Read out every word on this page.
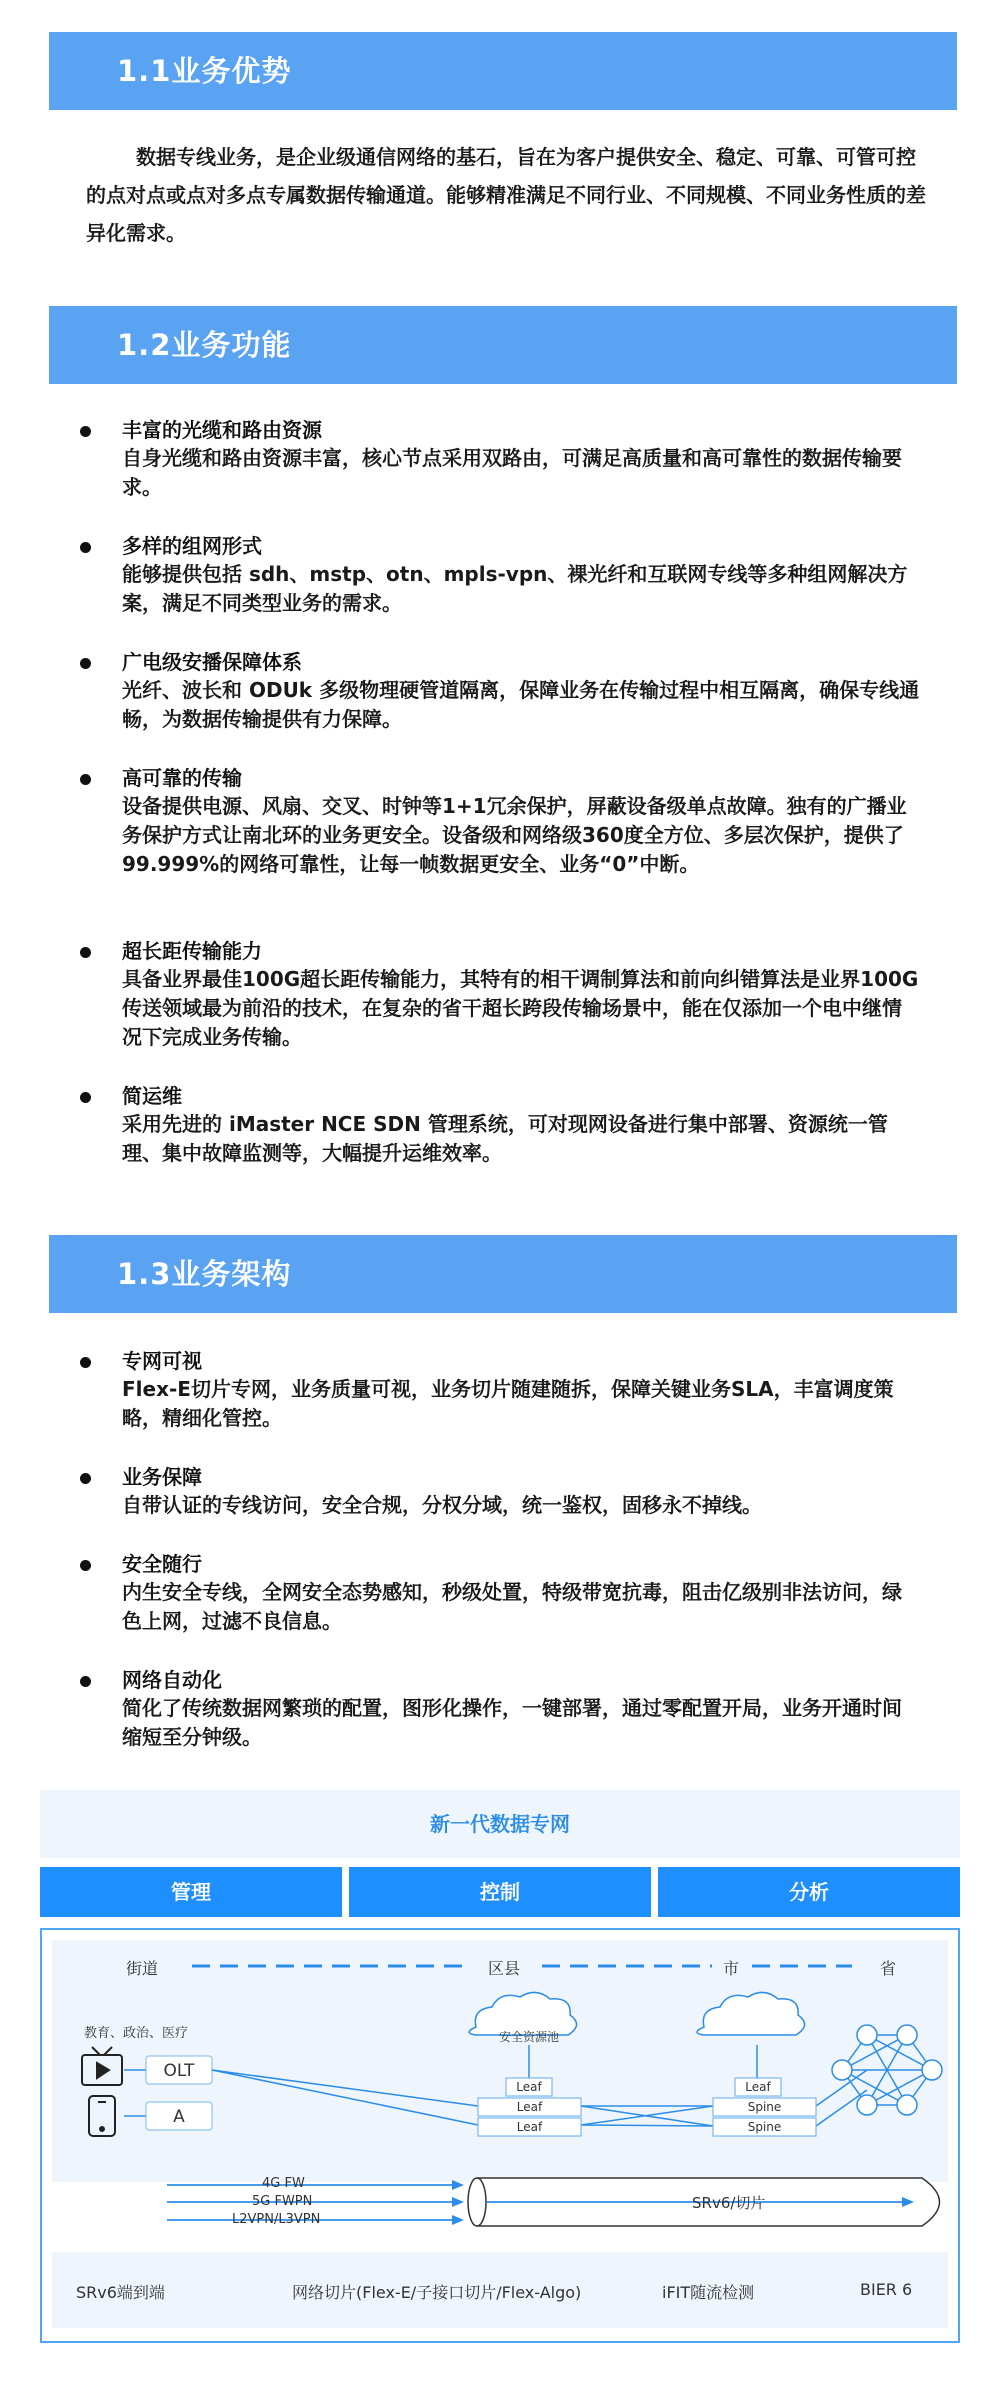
1.1业务优势
数据专线业务，是企业级通信网络的基石，旨在为客户提供安全、稳定、可靠、可管可控的点对点或点对多点专属数据传输通道。能够精准满足不同行业、不同规模、不同业务性质的差异化需求。
1.2业务功能
丰富的光缆和路由资源
自身光缆和路由资源丰富，核心节点采用双路由，可满足高质量和高可靠性的数据传输要求。
多样的组网形式
能够提供包括 sdh、mstp、otn、mpls-vpn、裸光纤和互联网专线等多种组网解决方案，满足不同类型业务的需求。
广电级安播保障体系
光纤、波长和 ODUk 多级物理硬管道隔离，保障业务在传输过程中相互隔离，确保专线通畅，为数据传输提供有力保障。
高可靠的传输
设备提供电源、风扇、交叉、时钟等1+1冗余保护，屏蔽设备级单点故障。独有的广播业务保护方式让南北环的业务更安全。设备级和网络级360度全方位、多层次保护，提供了99.999%的网络可靠性，让每一帧数据更安全、业务“0”中断。
超长距传输能力
具备业界最佳100G超长距传输能力，其特有的相干调制算法和前向纠错算法是业界100G传送领域最为前沿的技术，在复杂的省干超长跨段传输场景中，能在仅添加一个电中继情况下完成业务传输。
简运维
采用先进的 iMaster NCE SDN 管理系统，可对现网设备进行集中部署、资源统一管理、集中故障监测等，大幅提升运维效率。
1.3业务架构
专网可视
Flex-E切片专网，业务质量可视，业务切片随建随拆，保障关键业务SLA，丰富调度策略，精细化管控。
业务保障
自带认证的专线访问，安全合规，分权分域，统一鉴权，固移永不掉线。
安全随行
内生安全专线，全网安全态势感知，秒级处置，特级带宽抗毒，阻击亿级别非法访问，绿色上网，过滤不良信息。
网络自动化
简化了传统数据网繁琐的配置，图形化操作，一键部署，通过零配置开局，业务开通时间缩短至分钟级。
新一代数据专网
管理	控制	分析
SRv6端到端	网络切片(Flex-E/子接口切片/Flex-Algo)	iFIT随流检测	BIER 6
街道	区县	市	省
教育、政治、医疗
OLT
A
安全资源池
Leaf
Leaf
Leaf
Leaf
Spine
Spine
4G FW
5G FWPN
L2VPN/L3VPN
SRv6/切片
